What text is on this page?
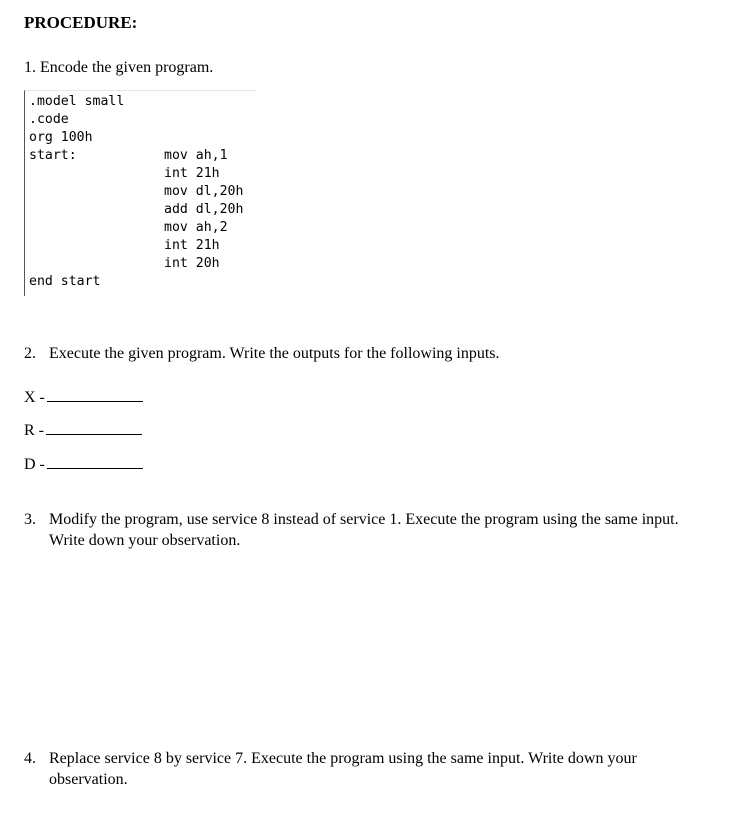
PROCEDURE:
1. Encode the given program.
.model small
.code
org 100h
start:
end start
mov ah,1
int 21h
mov dl,20h
add dl,20h
mov ah,2
int 21h
int 20h
2. Execute the given program. Write the outputs for the following inputs.
X -
R -
D -
3. Modify the program, use service 8 instead of service 1. Execute the program using the same input. Write down your observation.
4. Replace service 8 by service 7. Execute the program using the same input. Write down your observation.
